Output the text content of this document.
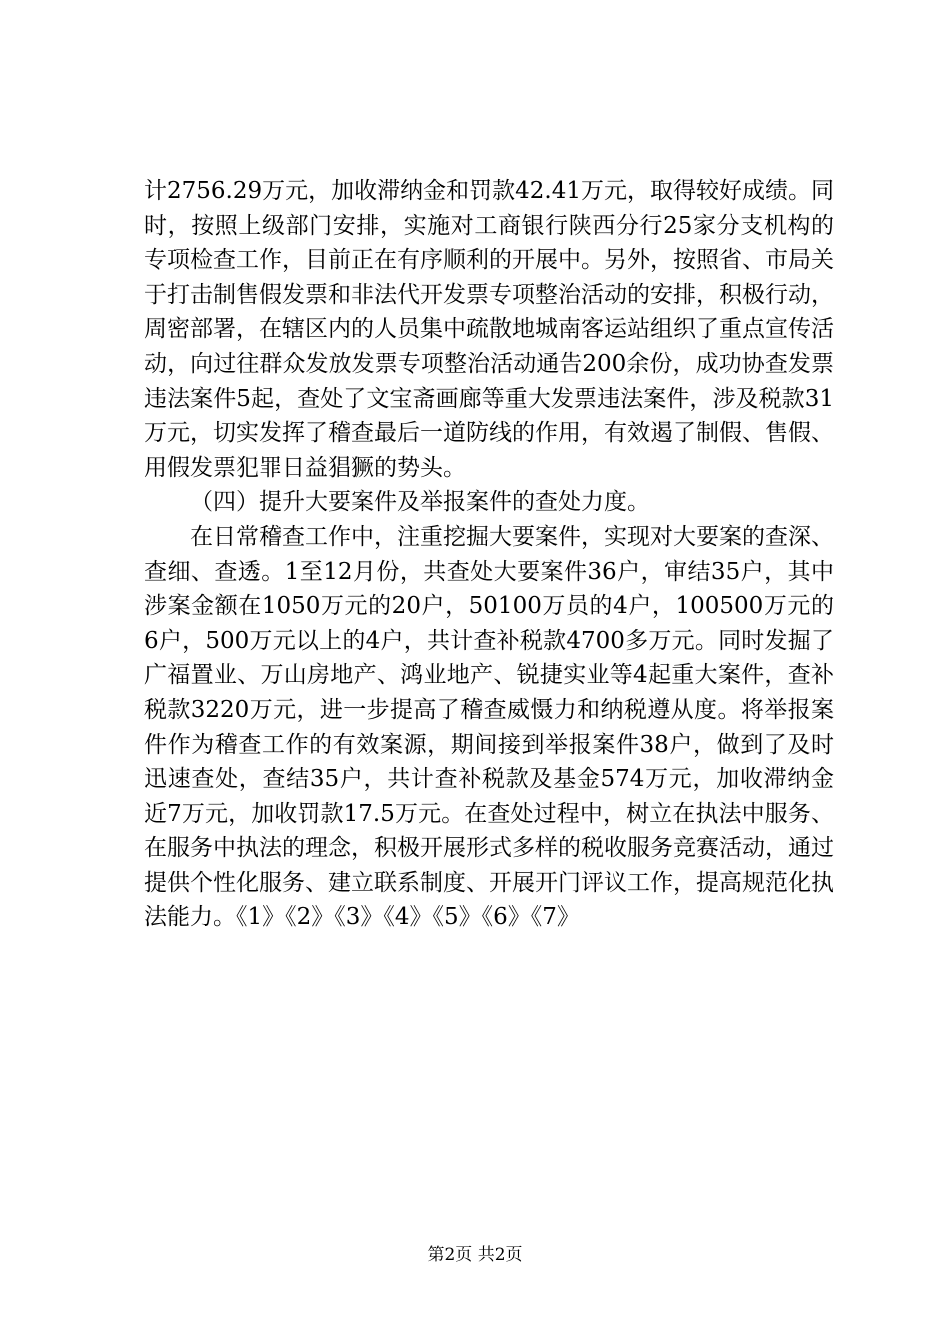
计2756.29万元，加收滞纳金和罚款42.41万元，取得较好成绩。同时，按照上级部门安排，实施对工商银行陕西分行25家分支机构的专项检查工作，目前正在有序顺利的开展中。另外，按照省、市局关于打击制售假发票和非法代开发票专项整治活动的安排，积极行动，周密部署，在辖区内的人员集中疏散地城南客运站组织了重点宣传活动，向过往群众发放发票专项整治活动通告200余份，成功协查发票违法案件5起，查处了文宝斋画廊等重大发票违法案件，涉及税款31万元，切实发挥了稽查最后一道防线的作用，有效遏了制假、售假、用假发票犯罪日益猖獗的势头。

（四）提升大要案件及举报案件的查处力度。

在日常稽查工作中，注重挖掘大要案件，实现对大要案的查深、查细、查透。1至12月份，共查处大要案件36户，审结35户，其中涉案金额在1050万元的20户，50100万员的4户，100500万元的6户，500万元以上的4户，共计查补税款4700多万元。同时发掘了广福置业、万山房地产、鸿业地产、锐捷实业等4起重大案件，查补税款3220万元，进一步提高了稽查威慑力和纳税遵从度。将举报案件作为稽查工作的有效案源，期间接到举报案件38户，做到了及时迅速查处，查结35户，共计查补税款及基金574万元，加收滞纳金近7万元，加收罚款17.5万元。在查处过程中，树立在执法中服务、在服务中执法的理念，积极开展形式多样的税收服务竞赛活动，通过提供个性化服务、建立联系制度、开展开门评议工作，提高规范化执法能力。《1》《2》《3》《4》《5》《6》《7》

第2页 共2页
